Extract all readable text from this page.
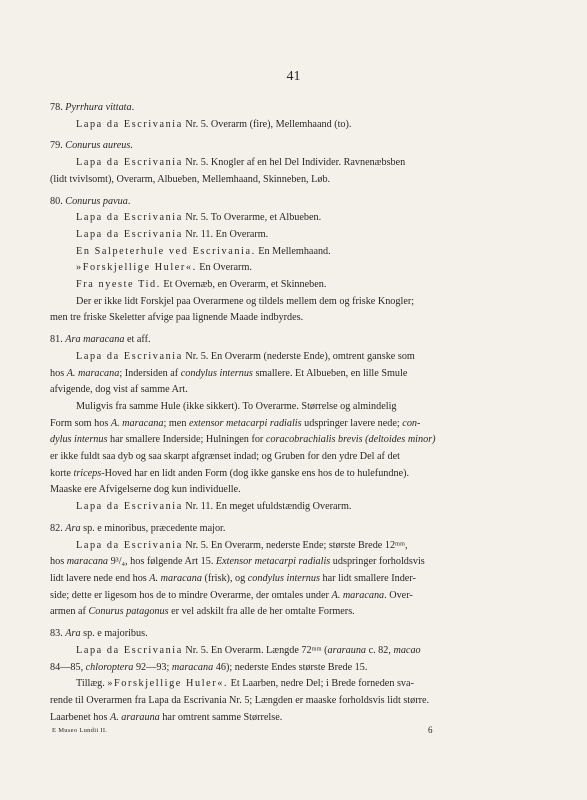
41
78. Pyrrhura vittata.
Lapa da Escrivania Nr. 5. Overarm (fire), Mellemhaand (to).
79. Conurus aureus.
Lapa da Escrivania Nr. 5. Knogler af en hel Del Individer. Ravnenæbsben
(lidt tvivlsomt), Overarm, Albueben, Mellemhaand, Skinneben, Løb.
80. Conurus pavua.
Lapa da Escrivania Nr. 5. To Overarme, et Albueben.
Lapa da Escrivania Nr. 11. En Overarm.
En Salpeterhule ved Escrivania. En Mellemhaand.
»Forskjellige Huler«. En Overarm.
Fra nyeste Tid. Et Overnæb, en Overarm, et Skinneben.
Der er ikke lidt Forskjel paa Overarmene og tildels mellem dem og friske Knogler;
men tre friske Skeletter afvige paa lignende Maade indbyrdes.
81. Ara maracana et aff.
Lapa da Escrivania Nr. 5. En Overarm (nederste Ende), omtrent ganske som
hos A. maracana; Indersiden af condylus internus smallere. Et Albueben, en lille Smule
afvigende, dog vist af samme Art.
Muligvis fra samme Hule (ikke sikkert). To Overarme. Størrelse og almindelig
Form som hos A. maracana; men extensor metacarpi radialis udspringer lavere nede; con-
dylus internus har smallere Inderside; Hulningen for coracobrachialis brevis (deltoides minor)
er ikke fuldt saa dyb og saa skarpt afgrænset indad; og Gruben for den ydre Del af det
korte triceps-Hoved har en lidt anden Form (dog ikke ganske ens hos de to hulefundne).
Maaske ere Afvigelserne dog kun individuelle.
Lapa da Escrivania Nr. 11. En meget ufuldstændig Overarm.
82. Ara sp. e minoribus, præcedente major.
Lapa da Escrivania Nr. 5. En Overarm, nederste Ende; største Brede 12ᵐᵐ,
hos maracana 9³/₄, hos følgende Art 15. Extensor metacarpi radialis udspringer forholdsvis
lidt lavere nede end hos A. maracana (frisk), og condylus internus har lidt smallere Inder-
side; dette er ligesom hos de to mindre Overarme, der omtales under A. maracana. Over-
armen af Conurus patagonus er vel adskilt fra alle de her omtalte Formers.
83. Ara sp. e majoribus.
Lapa da Escrivania Nr. 5. En Overarm. Længde 72ᵐᵐ (ararauna c. 82, macao
84—85, chloroptera 92—93; maracana 46); nederste Endes største Brede 15.
Tillæg. »Forskjellige Huler«. Et Laarben, nedre Del; i Brede forneden sva-
rende til Overarmen fra Lapa da Escrivania Nr. 5; Længden er maaske forholdsvis lidt større.
Laarbenet hos A. ararauna har omtrent samme Størrelse.
E Museo Lundii II.	6
